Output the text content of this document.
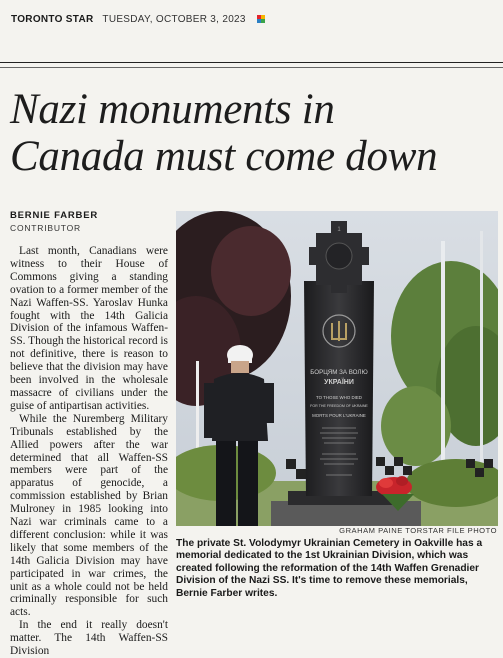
TORONTO STAR TUESDAY, OCTOBER 3, 2023
Nazi monuments in
Canada must come down
BERNIE FARBER
CONTRIBUTOR

Last month, Canadians were witness to their House of Commons giving a standing ovation to a former member of the Nazi Waffen-SS. Yaroslav Hunka fought with the 14th Galicia Division of the infamous Waffen-SS. Though the historical record is not definitive, there is reason to believe that the division may have been involved in the wholesale massacre of civilians under the guise of antipartisan activities.

While the Nuremberg Military Tribunals established by the Allied powers after the war determined that all Waffen-SS members were part of the apparatus of genocide, a commission established by Brian Mulroney in 1985 looking into Nazi war criminals came to a different conclusion: while it was likely that some members of the 14th Galicia Division may have participated in war crimes, the unit as a whole could not be held criminally responsible for such acts.

In the end it really doesn't matter. The 14th Waffen-SS Division

1
БОРЦЯМ ЗА ВОЛЮ
УКРАЇНИ
TO THOSE WHO DIED
FOR THE FREEDOM OF UKRAINE
MORTS POUR L'UKRAINE
GRAHAM PAINE TORSTAR FILE PHOTO
The private St. Volodymyr Ukrainian Cemetery in Oakville has a memorial dedicated to the 1st Ukrainian Division, which was created following the reformation of the 14th Waffen Grenadier Division of the Nazi SS. It's time to remove these memorials, Bernie Farber writes.
